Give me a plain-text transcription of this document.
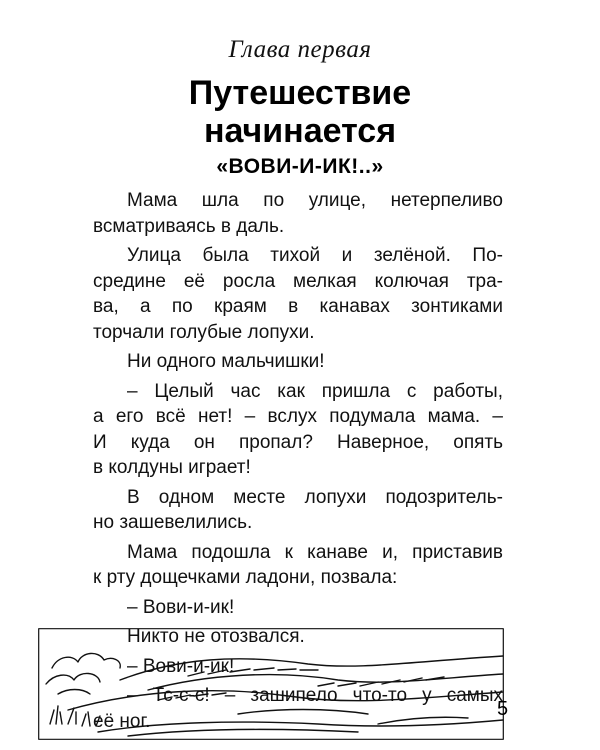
Глава первая
Путешествие
начинается
«ВОВИ-И-ИК!..»
Мама шла по улице, нетерпеливо
всматриваясь в даль.
Улица была тихой и зелёной. По-
средине её росла мелкая колючая тра-
ва, а по краям в канавах зонтиками
торчали голубые лопухи.
Ни одного мальчишки!
– Целый час как пришла с работы,
а его всё нет! – вслух подумала мама. –
И куда он пропал? Наверное, опять
в колдуны играет!
В одном месте лопухи подозритель-
но зашевелились.
Мама подошла к канаве и, приставив
к рту дощечками ладони, позвала:
– Вови-и-ик!
Никто не отозвался.
– Вови-и-ик!
– Тс-с-с! – зашипело что-то у самых
её ног.
5
